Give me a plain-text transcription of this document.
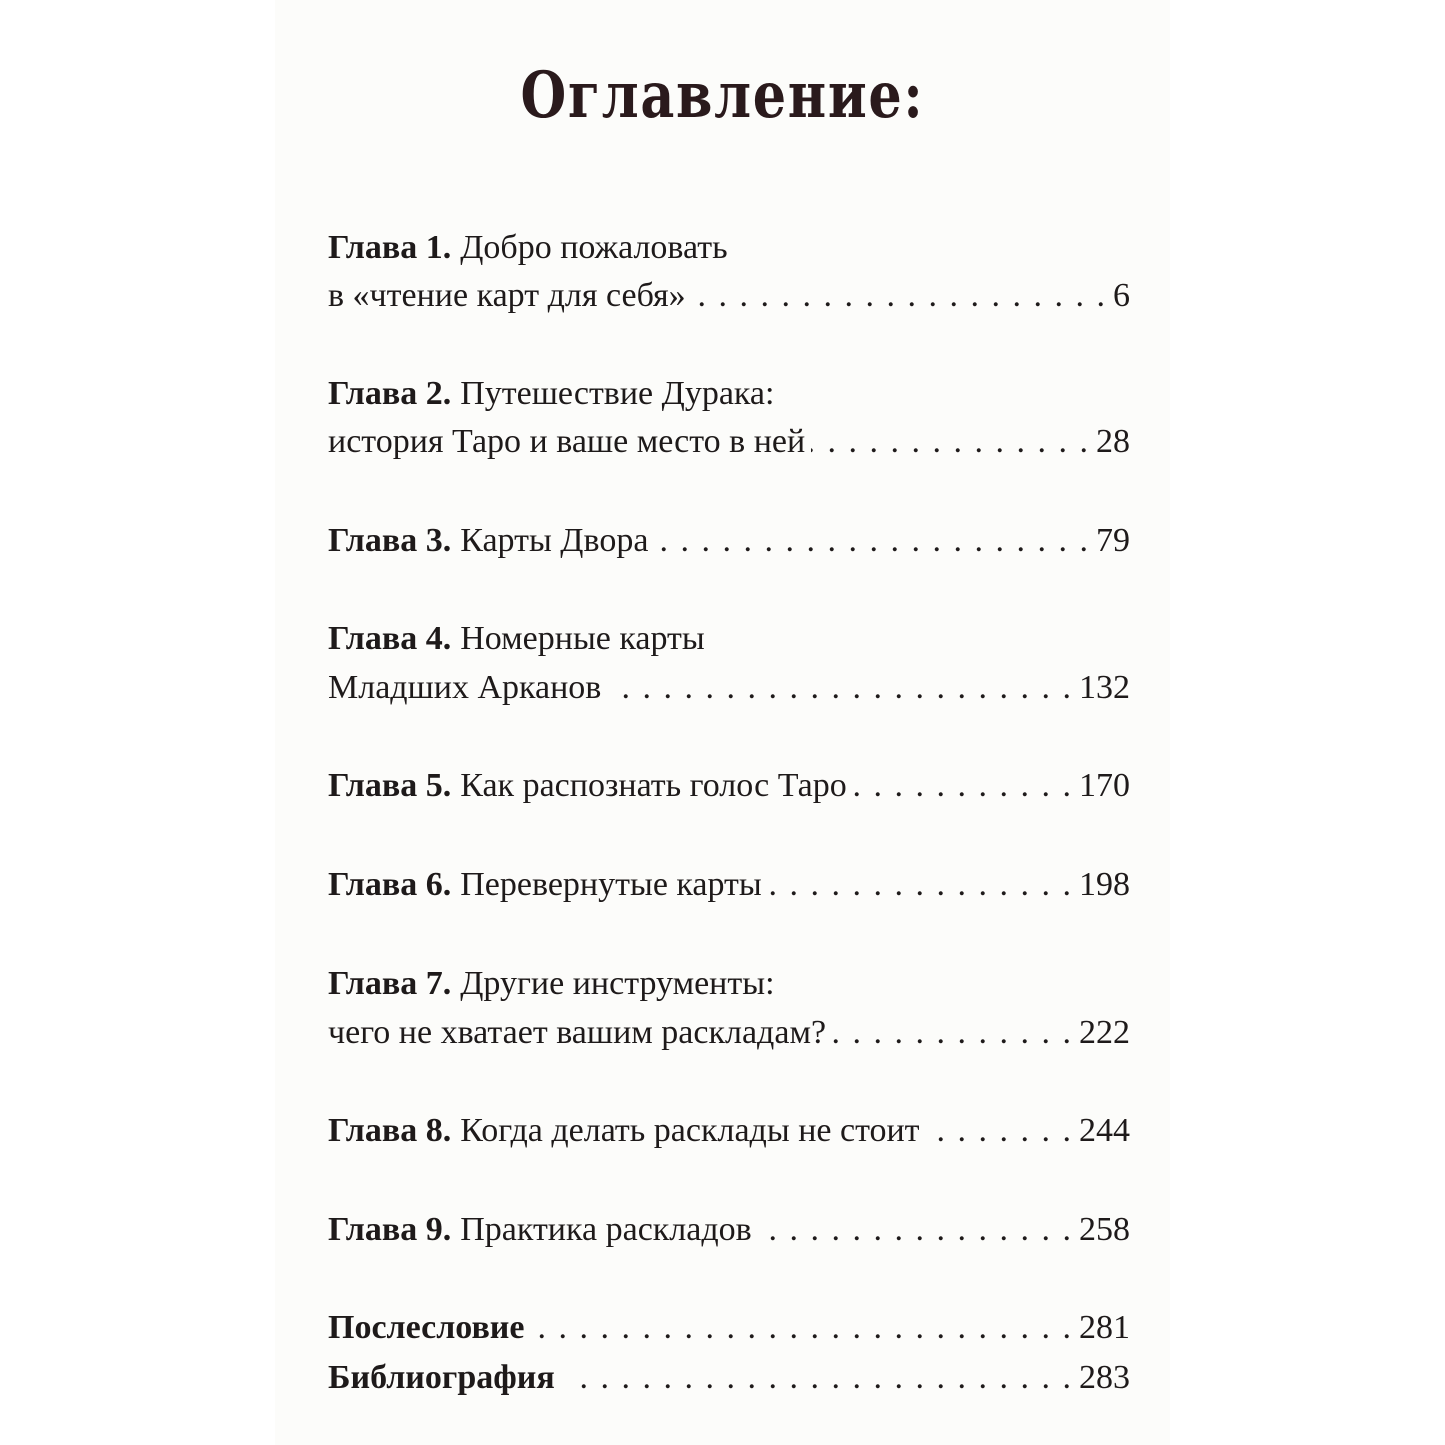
Оглавление:
Глава 1. Добро пожаловать
в «чтение карт для себя» . . .	6
Глава 2. Путешествие Дурака:
история Таро и ваше место в ней . . .	28
Глава 3. Карты Двора . . .	79
Глава 4. Номерные карты
Младших Арканов . . .	132
Глава 5. Как распознать голос Таро . . .	170
Глава 6. Перевернутые карты . . .	198
Глава 7. Другие инструменты:
чего не хватает вашим раскладам? . . .	222
Глава 8. Когда делать расклады не стоит . . .	244
Глава 9. Практика раскладов . . .	258
Послесловие . . .	281
Библиография . . .	283
